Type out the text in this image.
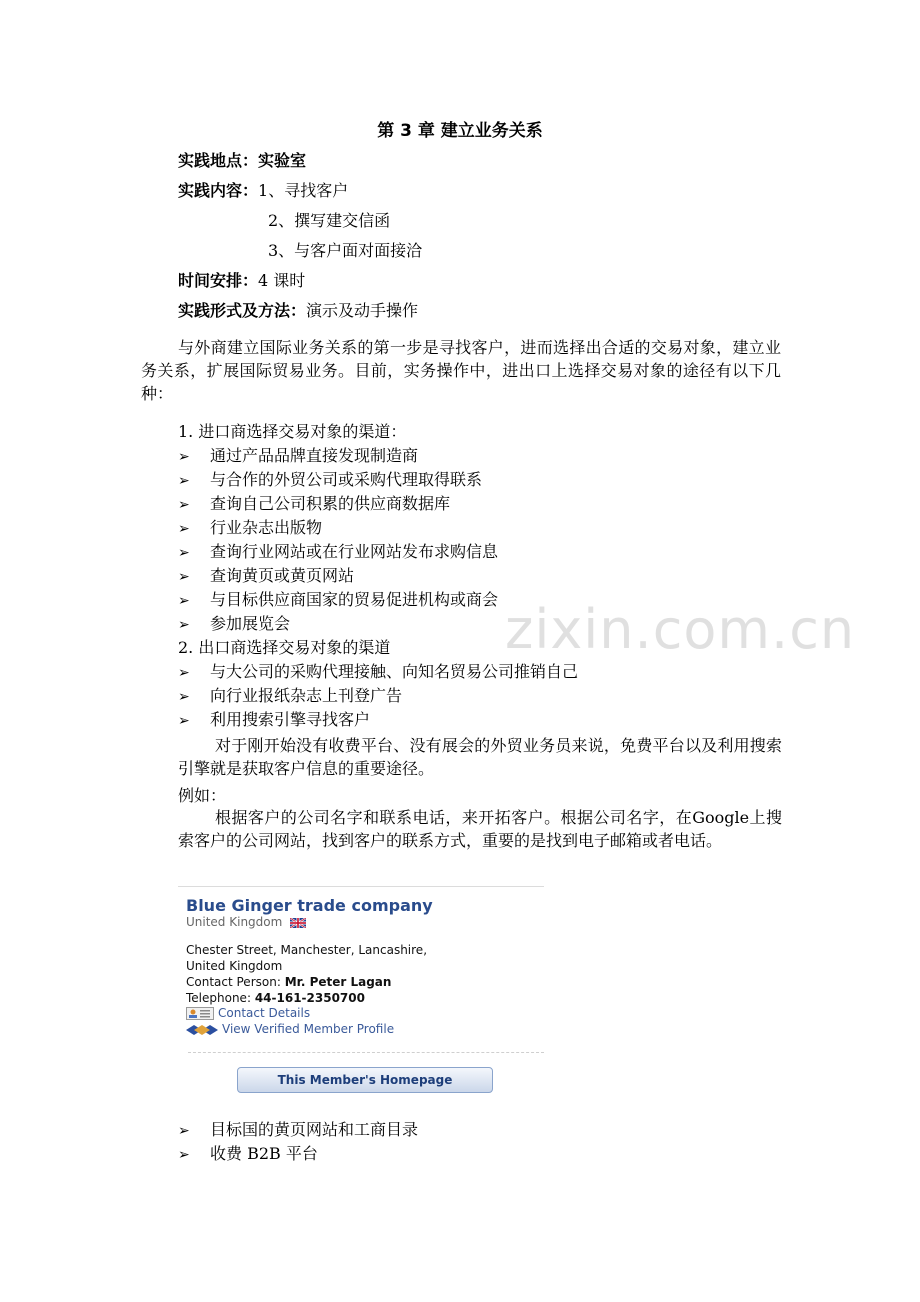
zixin.com.cn
第 3 章 建立业务关系
实践地点：实验室
实践内容：1、寻找客户
2、撰写建交信函
3、与客户面对面接洽
时间安排：4 课时
实践形式及方法：演示及动手操作
与外商建立国际业务关系的第一步是寻找客户，进而选择出合适的交易对象，建立业务关系，扩展国际贸易业务。目前，实务操作中，进出口上选择交易对象的途径有以下几种：
1. 进口商选择交易对象的渠道：
➢ 通过产品品牌直接发现制造商
➢ 与合作的外贸公司或采购代理取得联系
➢ 查询自己公司积累的供应商数据库
➢ 行业杂志出版物
➢ 查询行业网站或在行业网站发布求购信息
➢ 查询黄页或黄页网站
➢ 与目标供应商国家的贸易促进机构或商会
➢ 参加展览会
2. 出口商选择交易对象的渠道
➢ 与大公司的采购代理接触、向知名贸易公司推销自己
➢ 向行业报纸杂志上刊登广告
➢ 利用搜索引擎寻找客户
对于刚开始没有收费平台、没有展会的外贸业务员来说，免费平台以及利用搜索引擎就是获取客户信息的重要途径。
例如：
根据客户的公司名字和联系电话，来开拓客户。根据公司名字，在Google上搜索客户的公司网站，找到客户的联系方式，重要的是找到电子邮箱或者电话。
Blue Ginger trade company
United Kingdom
Chester Street, Manchester, Lancashire,
United Kingdom
Contact Person: Mr. Peter Lagan
Telephone: 44-161-2350700
Contact Details
View Verified Member Profile
This Member's Homepage
➢ 目标国的黄页网站和工商目录
➢ 收费 B2B 平台
